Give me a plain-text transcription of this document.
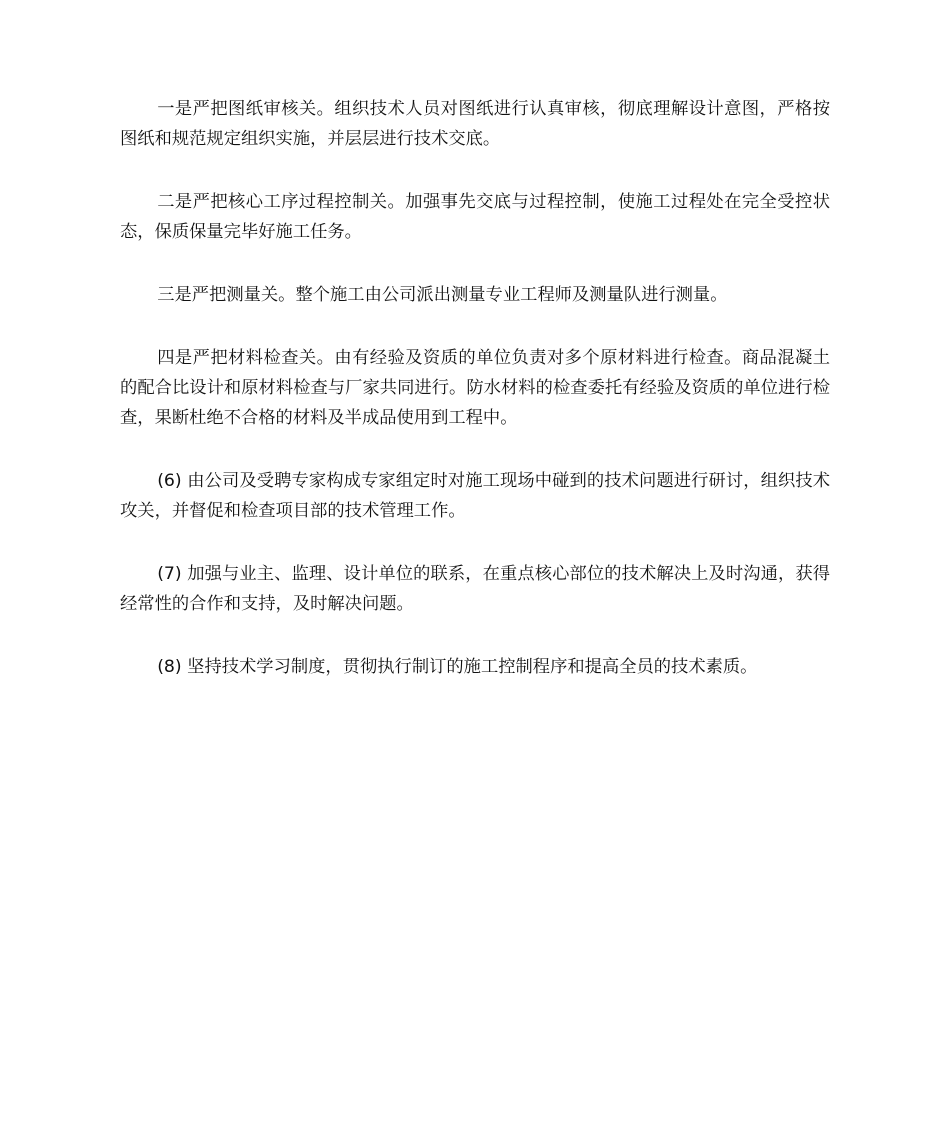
一是严把图纸审核关。组织技术人员对图纸进行认真审核，彻底理解设计意图，严格按图纸和规范规定组织实施，并层层进行技术交底。

二是严把核心工序过程控制关。加强事先交底与过程控制，使施工过程处在完全受控状态，保质保量完毕好施工任务。

三是严把测量关。整个施工由公司派出测量专业工程师及测量队进行测量。

四是严把材料检查关。由有经验及资质的单位负责对多个原材料进行检查。商品混凝土的配合比设计和原材料检查与厂家共同进行。防水材料的检查委托有经验及资质的单位进行检查，果断杜绝不合格的材料及半成品使用到工程中。

(6) 由公司及受聘专家构成专家组定时对施工现场中碰到的技术问题进行研讨，组织技术攻关，并督促和检查项目部的技术管理工作。

(7) 加强与业主、监理、设计单位的联系，在重点核心部位的技术解决上及时沟通，获得经常性的合作和支持，及时解决问题。

(8) 坚持技术学习制度，贯彻执行制订的施工控制程序和提高全员的技术素质。
